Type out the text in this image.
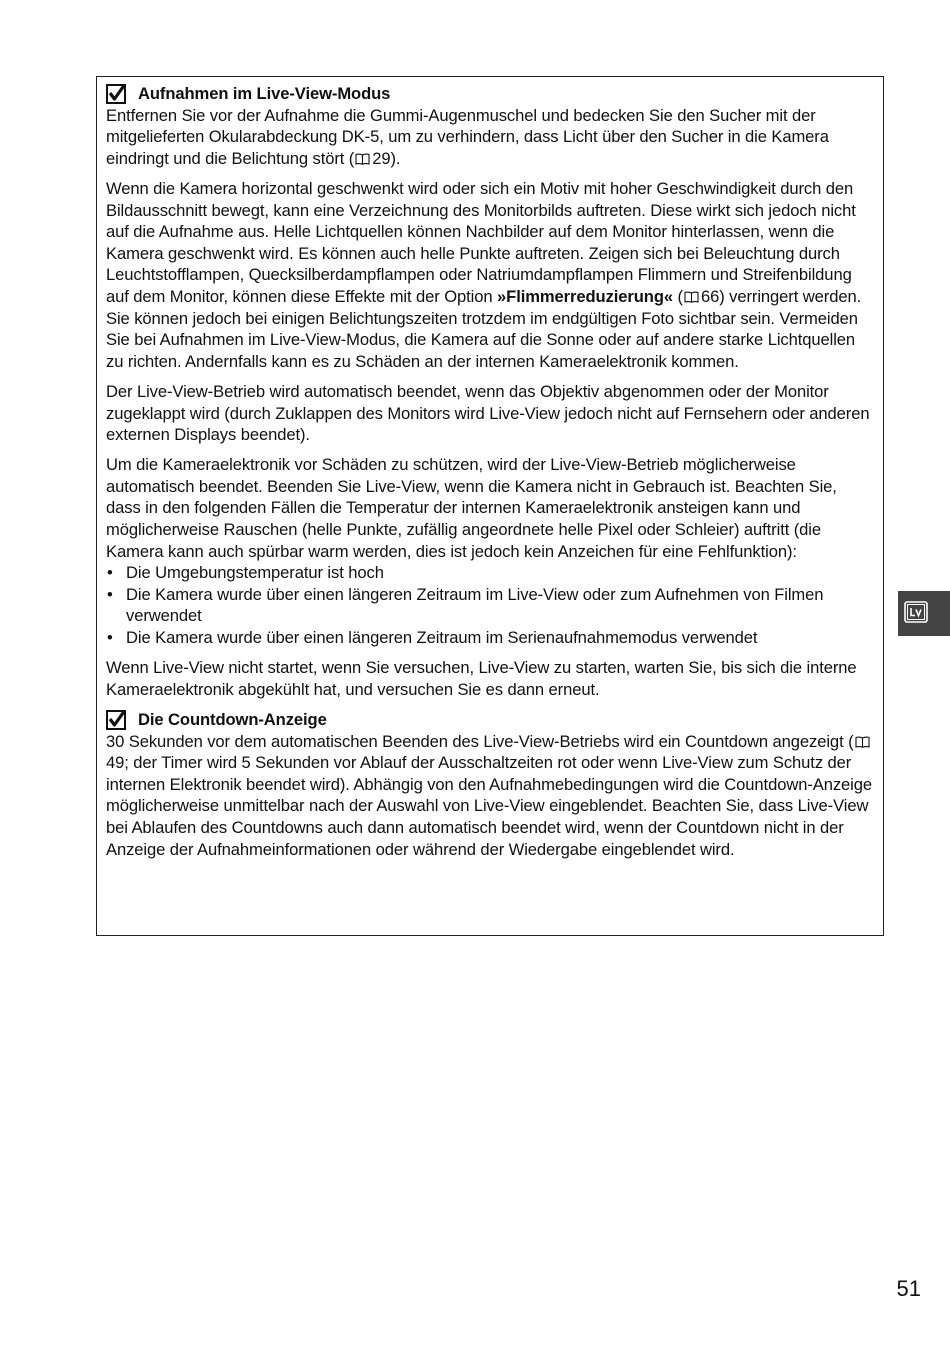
Aufnahmen im Live-View-Modus

Entfernen Sie vor der Aufnahme die Gummi-Augenmuschel und bedecken Sie den Sucher mit der mitgelieferten Okularabdeckung DK-5, um zu verhindern, dass Licht über den Sucher in die Kamera eindringt und die Belichtung stört ( 29).

Wenn die Kamera horizontal geschwenkt wird oder sich ein Motiv mit hoher Geschwindigkeit durch den Bildausschnitt bewegt, kann eine Verzeichnung des Monitorbilds auftreten. Diese wirkt sich jedoch nicht auf die Aufnahme aus. Helle Lichtquellen können Nachbilder auf dem Monitor hinterlassen, wenn die Kamera geschwenkt wird. Es können auch helle Punkte auftreten. Zeigen sich bei Beleuchtung durch Leuchtstofflampen, Quecksilberdampflampen oder Natriumdampflampen Flimmern und Streifenbildung auf dem Monitor, können diese Effekte mit der Option »Flimmerreduzierung« ( 66) verringert werden. Sie können jedoch bei einigen Belichtungszeiten trotzdem im endgültigen Foto sichtbar sein. Vermeiden Sie bei Aufnahmen im Live-View-Modus, die Kamera auf die Sonne oder auf andere starke Lichtquellen zu richten. Andernfalls kann es zu Schäden an der internen Kameraelektronik kommen.

Der Live-View-Betrieb wird automatisch beendet, wenn das Objektiv abgenommen oder der Monitor zugeklappt wird (durch Zuklappen des Monitors wird Live-View jedoch nicht auf Fernsehern oder anderen externen Displays beendet).

Um die Kameraelektronik vor Schäden zu schützen, wird der Live-View-Betrieb möglicherweise automatisch beendet. Beenden Sie Live-View, wenn die Kamera nicht in Gebrauch ist. Beachten Sie, dass in den folgenden Fällen die Temperatur der internen Kameraelektronik ansteigen kann und möglicherweise Rauschen (helle Punkte, zufällig angeordnete helle Pixel oder Schleier) auftritt (die Kamera kann auch spürbar warm werden, dies ist jedoch kein Anzeichen für eine Fehlfunktion):

• Die Umgebungstemperatur ist hoch
• Die Kamera wurde über einen längeren Zeitraum im Live-View oder zum Aufnehmen von Filmen verwendet
• Die Kamera wurde über einen längeren Zeitraum im Serienaufnahmemodus verwendet

Wenn Live-View nicht startet, wenn Sie versuchen, Live-View zu starten, warten Sie, bis sich die interne Kameraelektronik abgekühlt hat, und versuchen Sie es dann erneut.

Die Countdown-Anzeige

30 Sekunden vor dem automatischen Beenden des Live-View-Betriebs wird ein Countdown angezeigt (
49; der Timer wird 5 Sekunden vor Ablauf der Ausschaltzeiten rot oder wenn Live-View zum Schutz der internen Elektronik beendet wird). Abhängig von den Aufnahmebedingungen wird die Countdown-Anzeige möglicherweise unmittelbar nach der Auswahl von Live-View eingeblendet. Beachten Sie, dass Live-View bei Ablaufen des Countdowns auch dann automatisch beendet wird, wenn der Countdown nicht in der Anzeige der Aufnahmeinformationen oder während der Wiedergabe eingeblendet wird.

51
